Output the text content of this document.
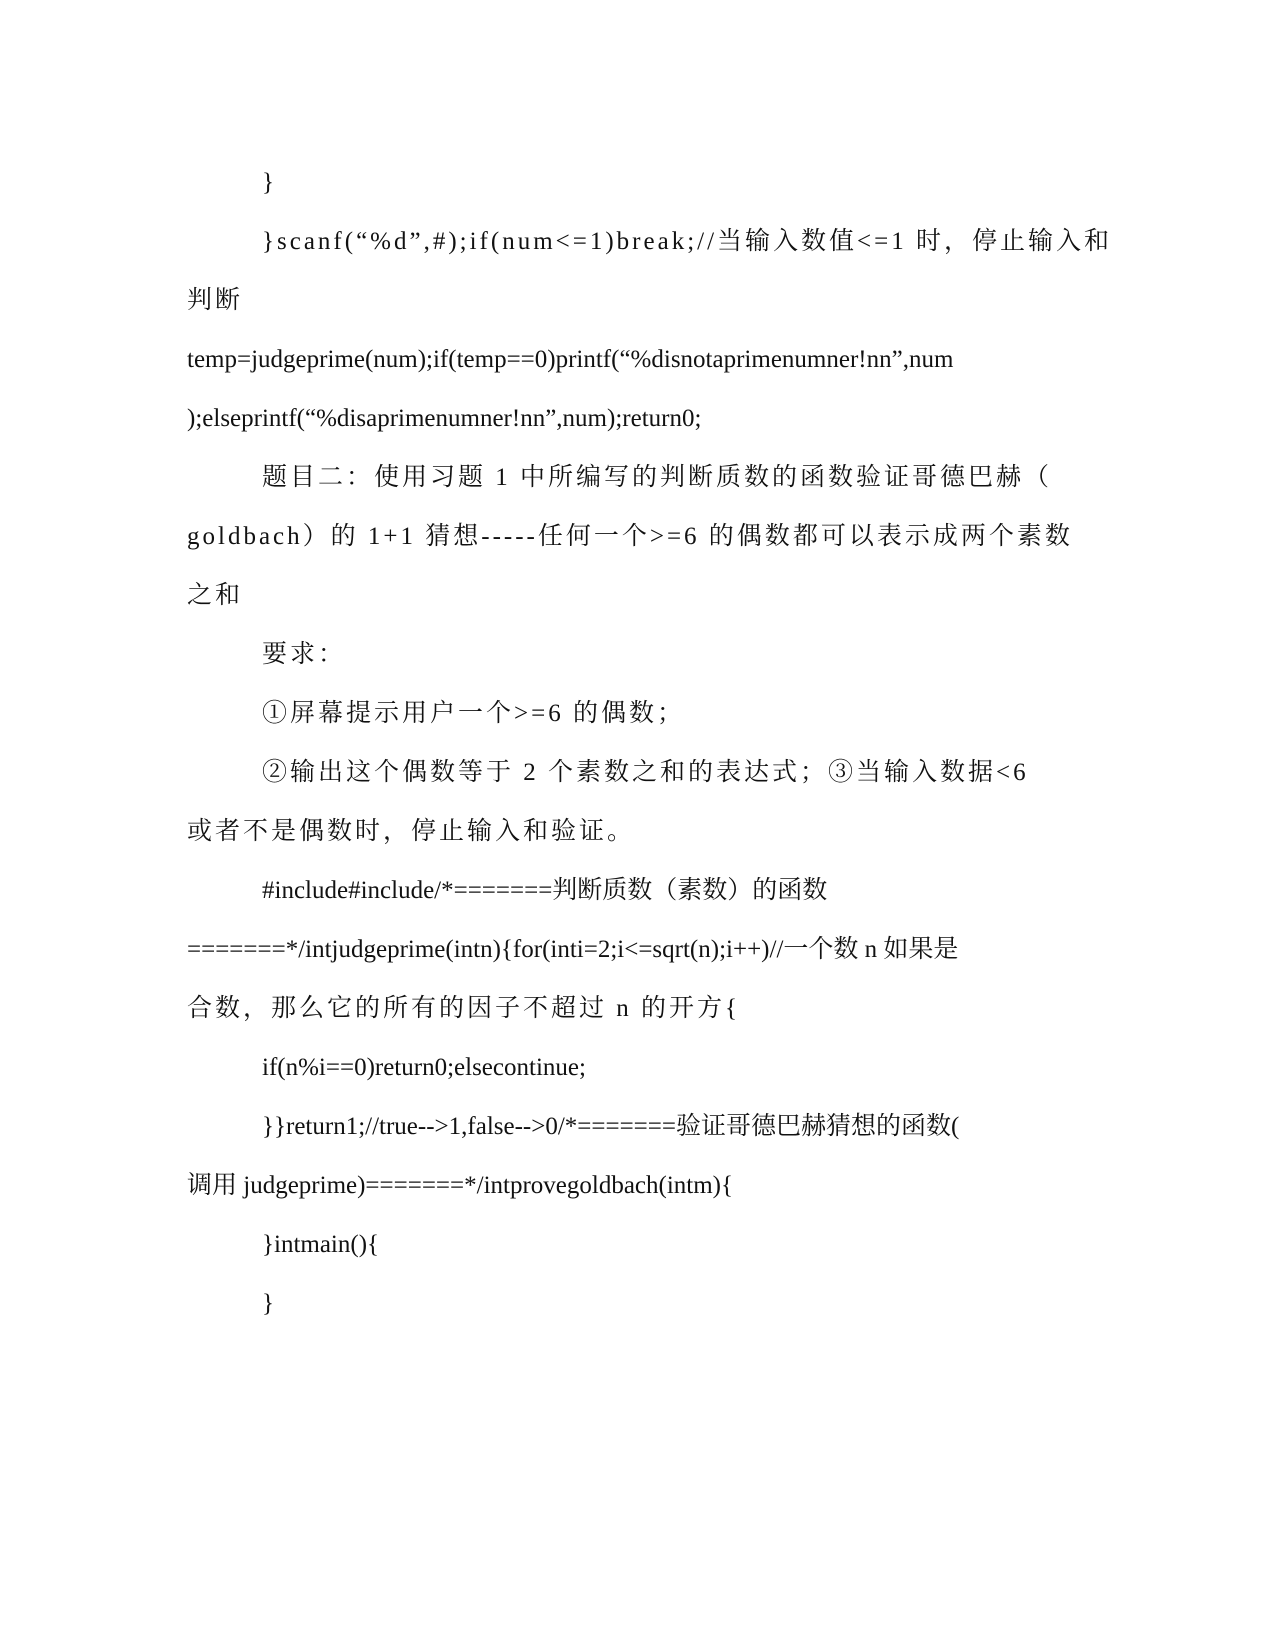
}
}scanf(“%d”,#);if(num<=1)break;//当输入数值<=1 时，停止输入和
判断
temp=judgeprime(num);if(temp==0)printf(“%disnotaprimenumner!nn”,num
);elseprintf(“%disaprimenumner!nn”,num);return0;
题目二：使用习题 1 中所编写的判断质数的函数验证哥德巴赫（
goldbach）的 1+1 猜想-----任何一个>=6 的偶数都可以表示成两个素数
之和
要求：
①屏幕提示用户一个>=6 的偶数；
②输出这个偶数等于 2 个素数之和的表达式；③当输入数据<6
或者不是偶数时，停止输入和验证。
#include#include/*=======判断质数（素数）的函数
=======*/intjudgeprime(intn){for(inti=2;i<=sqrt(n);i++)//一个数 n 如果是
合数，那么它的所有的因子不超过 n 的开方{
if(n%i==0)return0;elsecontinue;
}}return1;//true-->1,false-->0/*=======验证哥德巴赫猜想的函数(
调用 judgeprime)=======*/intprovegoldbach(intm){
}intmain(){
}
